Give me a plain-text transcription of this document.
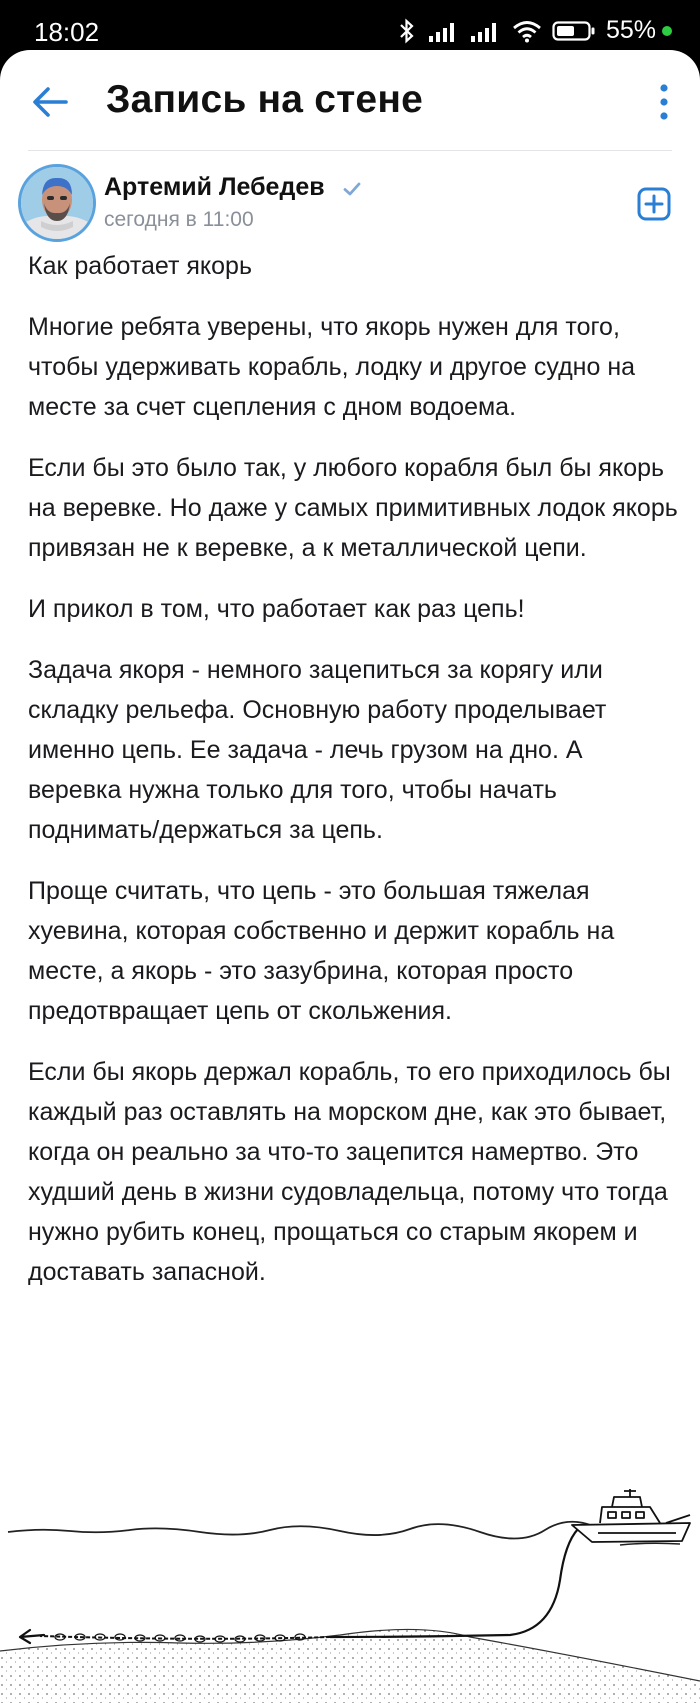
18:02	55%
Запись на стене
Артемий Лебедев
сегодня в 11:00

Как работает якорь

Многие ребята уверены, что якорь нужен для того, чтобы удерживать корабль, лодку и другое судно на месте за счет сцепления с дном водоема.

Если бы это было так, у любого корабля был бы якорь на веревке. Но даже у самых примитивных лодок якорь привязан не к веревке, а к металлической цепи.

И прикол в том, что работает как раз цепь!

Задача якоря - немного зацепиться за корягу или складку рельефа. Основную работу проделывает именно цепь. Ее задача - лечь грузом на дно. А веревка нужна только для того, чтобы начать поднимать/держаться за цепь.

Проще считать, что цепь - это большая тяжелая хуевина, которая собственно и держит корабль на месте, а якорь - это зазубрина, которая просто предотвращает цепь от скольжения.

Если бы якорь держал корабль, то его приходилось бы каждый раз оставлять на морском дне, как это бывает, когда он реально за что-то зацепится намертво. Это худший день в жизни судовладельца, потому что тогда нужно рубить конец, прощаться со старым якорем и доставать запасной.
